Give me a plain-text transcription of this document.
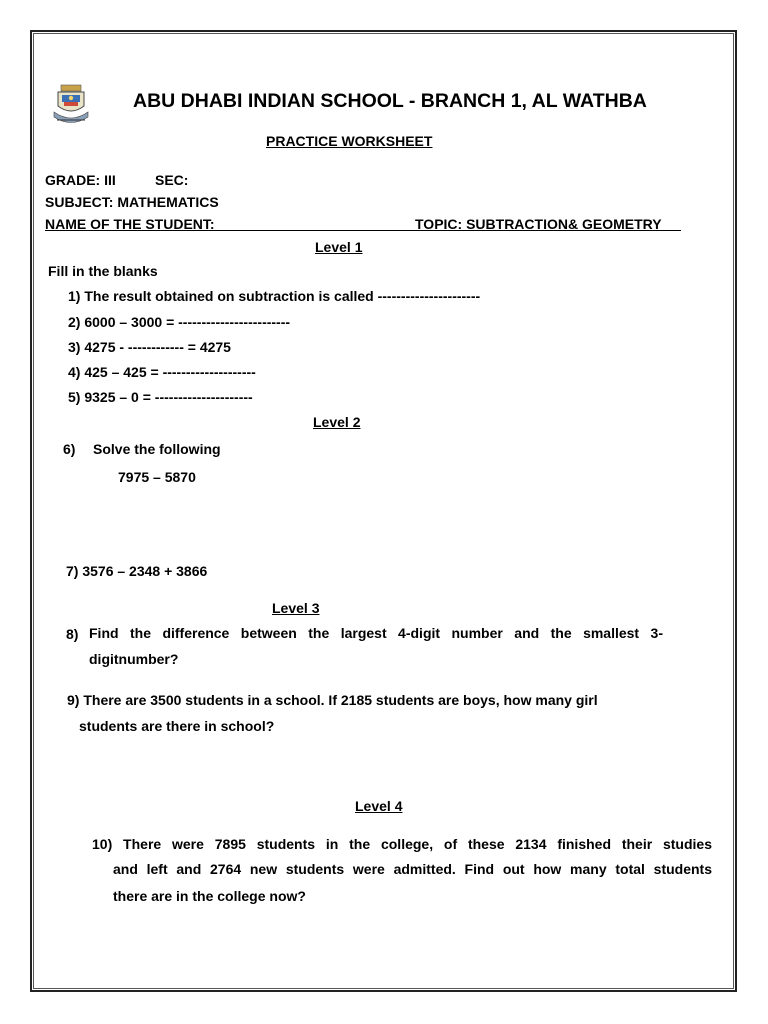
ABU DHABI INDIAN SCHOOL - BRANCH 1, AL WATHBA
PRACTICE WORKSHEET
GRADE: III	SEC:
SUBJECT: MATHEMATICS
NAME OF THE STUDENT:	TOPIC: SUBTRACTION& GEOMETRY
Level 1
Fill in the blanks
1) The result obtained on subtraction is called ----------------------
2) 6000 – 3000 = ------------------------
3) 4275 - ------------ = 4275
4) 425 – 425 = --------------------
5) 9325 – 0 = ---------------------
Level 2
6) Solve the following
7975 – 5870
7) 3576 – 2348 + 3866
Level 3
8) Find the difference between the largest 4-digit number and the smallest 3-
digitnumber?
9) There are 3500 students in a school. If 2185 students are boys, how many girl
students are there in school?
Level 4
10) There were 7895 students in the college, of these 2134 finished their studies
and left and 2764 new students were admitted. Find out how many total students
there are in the college now?
